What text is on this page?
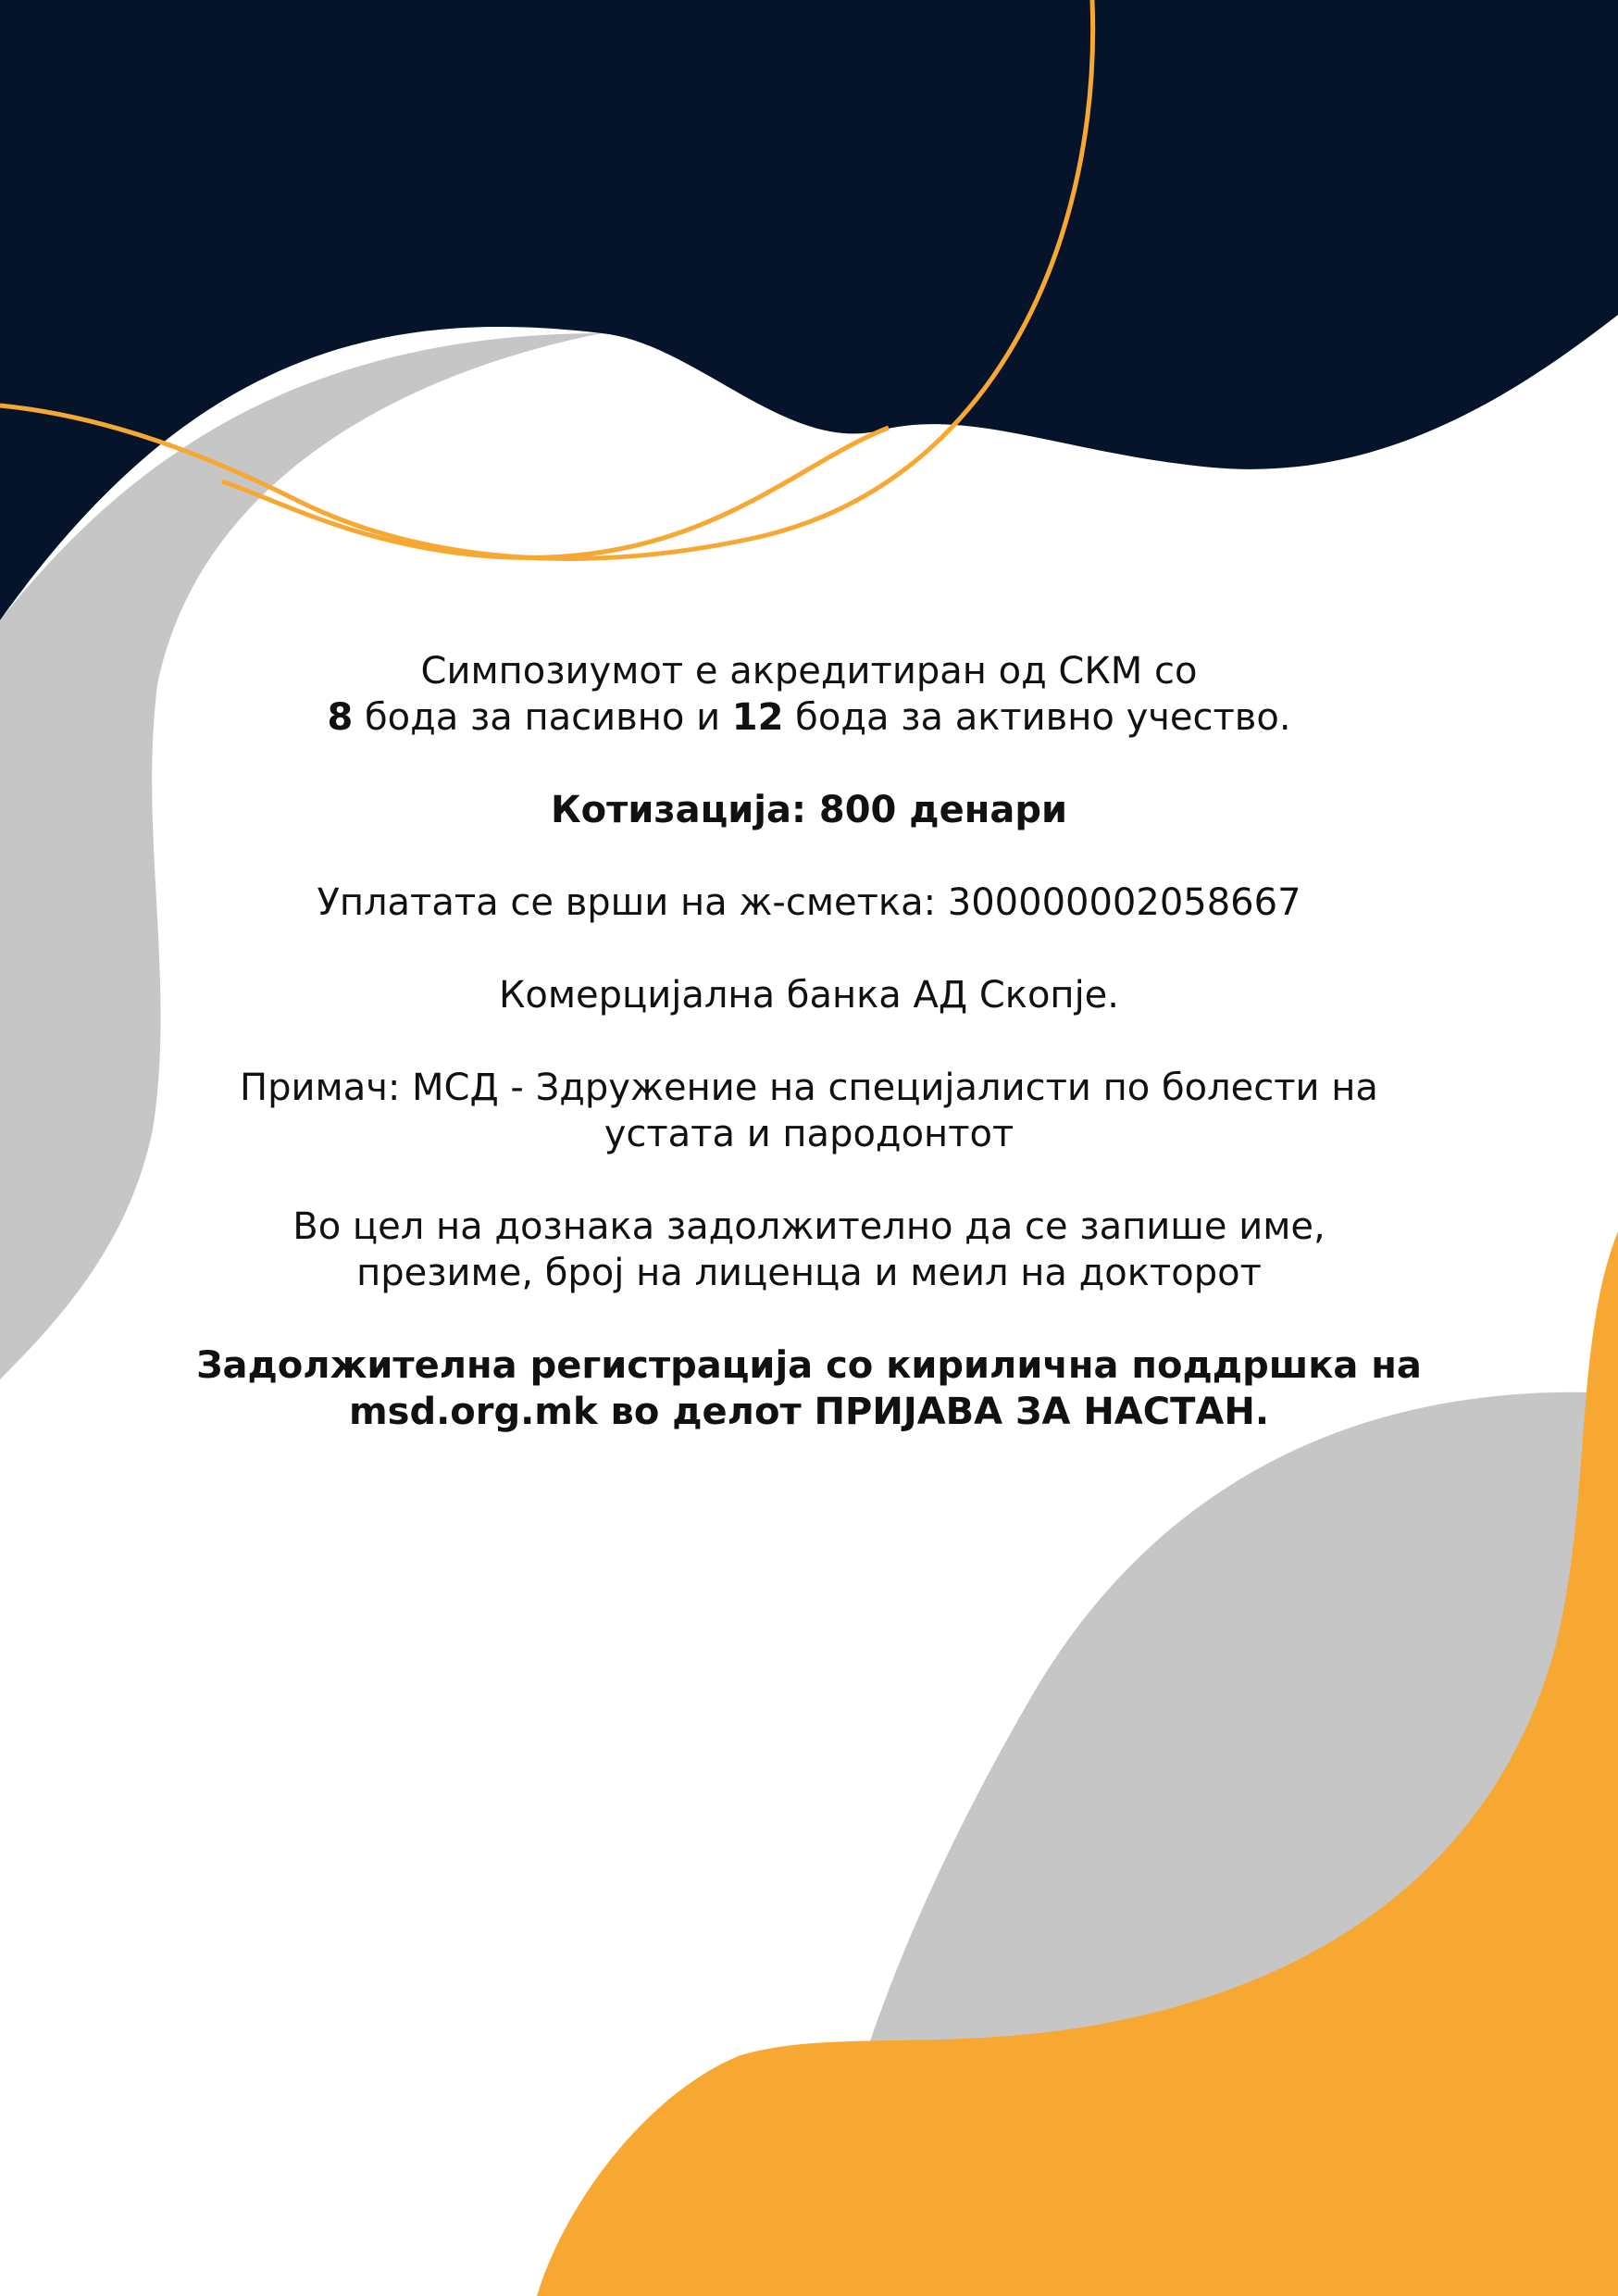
Симпозиумот е акредитиран од СКМ со
8 бода за пасивно и 12 бода за активно учество.

Котизација: 800 денари

Уплатата се врши на ж-сметка: 300000002058667

Комерцијална банка АД Скопје.

Примач: МСД - Здружение на специјалисти по болести на
устата и пародонтот

Во цел на дознака задолжително да се запише име,
презиме, број на лиценца и меил на докторот

Задолжителна регистрација со кирилична поддршка на
msd.org.mk во делот ПРИЈАВА ЗА НАСТАН.
